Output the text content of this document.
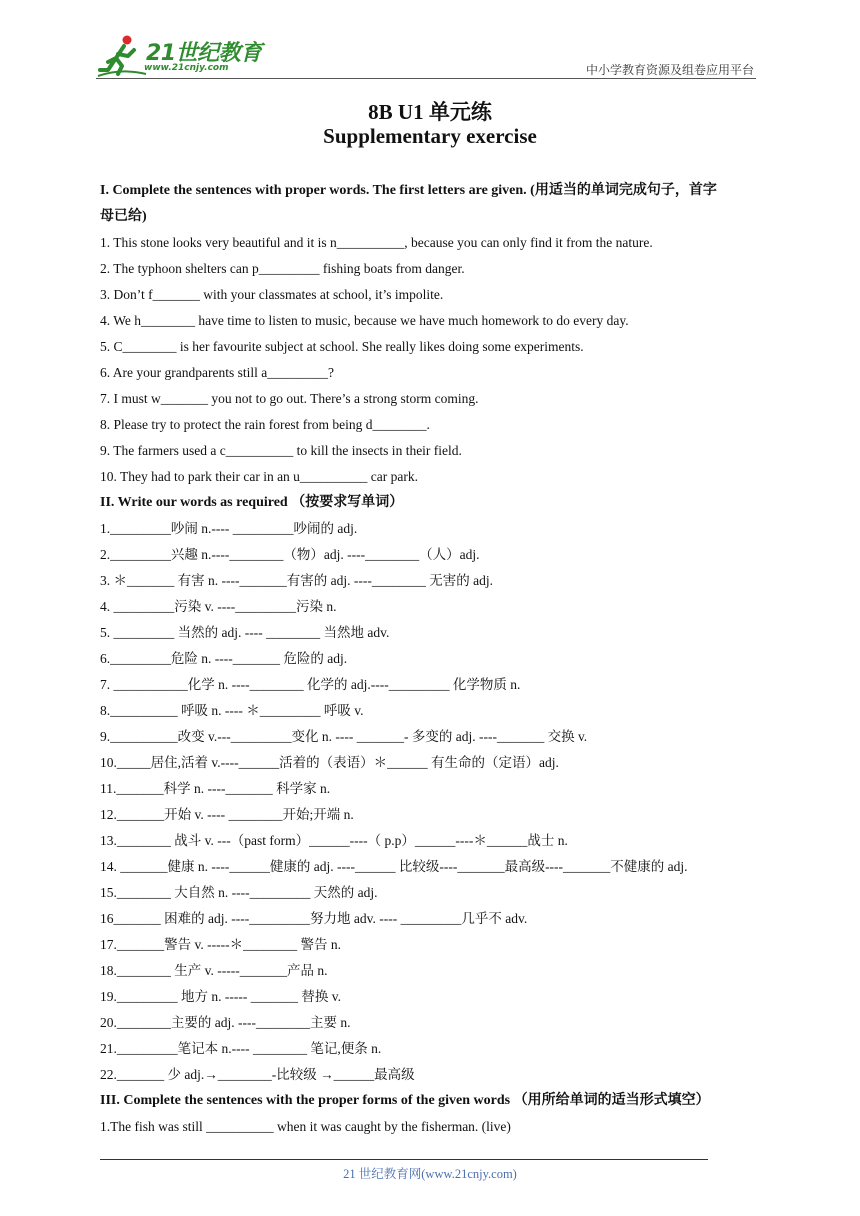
21世纪教育
www.21cnjy.com	中小学教育资源及组卷应用平台
8B U1 单元练
Supplementary exercise
I. Complete the sentences with proper words. The first letters are given. (用适当的单词完成句子，首字
母已给)
1. This stone looks very beautiful and it is n__________, because you can only find it from the nature.
2. The typhoon shelters can p_________ fishing boats from danger.
3. Don’t f_______ with your classmates at school, it’s impolite.
4. We h________ have time to listen to music, because we have much homework to do every day.
5. C________ is her favourite subject at school. She really likes doing some experiments.
6. Are your grandparents still a_________?
7. I must w_______ you not to go out. There’s a strong storm coming.
8. Please try to protect the rain forest from being d________.
9. The farmers used a c__________ to kill the insects in their field.
10. They had to park their car in an u__________ car park.
II. Write our words as required （按要求写单词）
1._________吵闹 n.---- _________吵闹的 adj.
2._________兴趣 n.----________（物）adj. ----________（人）adj.
3. ＊_______ 有害 n. ----_______有害的 adj. ----________ 无害的 adj.
4. _________污染 v. ----_________污染 n.
5. _________ 当然的 adj. ---- ________ 当然地 adv.
6._________危险 n. ----_______ 危险的 adj.
7. ___________化学 n. ----________ 化学的 adj.----_________ 化学物质 n.
8.__________ 呼吸 n. ---- ＊_________ 呼吸 v.
9.__________改变 v.---_________变化 n. ---- _______- 多变的 adj. ----_______ 交换 v.
10._____居住,活着 v.----______活着的（表语）＊______ 有生命的（定语）adj.
11._______科学 n. ----_______ 科学家 n.
12._______开始 v. ---- ________开始;开端 n.
13.________ 战斗 v. ---（past form）______----（ p.p）______----＊______战士 n.
14. _______健康 n. ----______健康的 adj. ----______ 比较级----_______最高级----_______不健康的 adj.
15.________ 大自然 n. ----_________ 天然的 adj.
16_______ 困难的 adj. ----_________努力地 adv. ---- _________几乎不 adv.
17._______警告 v. -----＊________ 警告 n.
18.________ 生产 v. -----_______产品 n.
19._________ 地方 n. ----- _______ 替换 v.
20.________主要的 adj. ----________主要 n.
21._________笔记本 n.---- ________ 笔记,便条 n.
22._______ 少 adj.→________-比较级 →______最高级
III. Complete the sentences with the proper forms of the given words （用所给单词的适当形式填空）
1.The fish was still __________ when it was caught by the fisherman. (live)
21 世纪教育网(www.21cnjy.com)
